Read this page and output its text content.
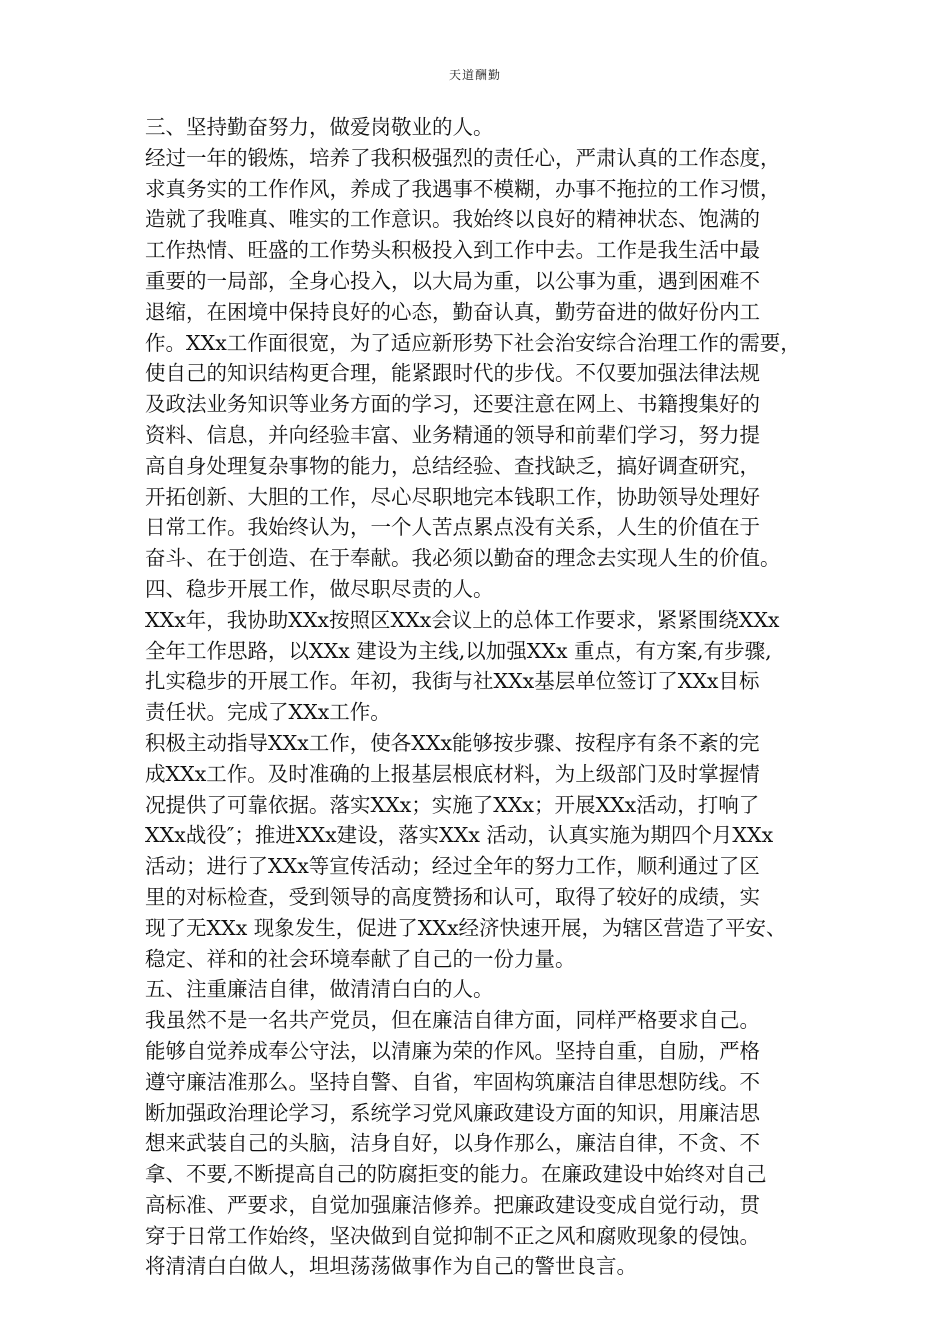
天道酬勤
三、坚持勤奋努力，做爱岗敬业的人。
经过一年的锻炼，培养了我积极强烈的责任心，严肃认真的工作态度，
求真务实的工作作风，养成了我遇事不模糊，办事不拖拉的工作习惯，
造就了我唯真、唯实的工作意识。我始终以良好的精神状态、饱满的
工作热情、旺盛的工作势头积极投入到工作中去。工作是我生活中最
重要的一局部，全身心投入，以大局为重，以公事为重，遇到困难不
退缩，在困境中保持良好的心态，勤奋认真，勤劳奋进的做好份内工
作。XXx工作面很宽，为了适应新形势下社会治安综合治理工作的需要，
使自己的知识结构更合理，能紧跟时代的步伐。不仅要加强法律法规
及政法业务知识等业务方面的学习，还要注意在网上、书籍搜集好的
资料、信息，并向经验丰富、业务精通的领导和前辈们学习，努力提
高自身处理复杂事物的能力，总结经验、查找缺乏，搞好调查研究，
开拓创新、大胆的工作，尽心尽职地完本钱职工作，协助领导处理好
日常工作。我始终认为，一个人苦点累点没有关系，人生的价值在于
奋斗、在于创造、在于奉献。我必须以勤奋的理念去实现人生的价值。
四、稳步开展工作，做尽职尽责的人。
XXx年，我协助XXx按照区XXx会议上的总体工作要求，紧紧围绕XXx
全年工作思路，以XXx 建设为主线,以加强XXx 重点，有方案,有步骤,
扎实稳步的开展工作。年初，我街与社XXx基层单位签订了XXx目标
责任状。完成了XXx工作。
积极主动指导XXx工作，使各XXx能够按步骤、按程序有条不紊的完
成XXx工作。及时准确的上报基层根底材料，为上级部门及时掌握情
况提供了可靠依据。落实XXx；实施了XXx；开展XXx活动，打响了
XXx战役″；推进XXx建设，落实XXx 活动，认真实施为期四个月XXx
活动；进行了XXx等宣传活动；经过全年的努力工作，顺利通过了区
里的对标检查，受到领导的高度赞扬和认可，取得了较好的成绩，实
现了无XXx 现象发生，促进了XXx经济快速开展，为辖区营造了平安、
稳定、祥和的社会环境奉献了自己的一份力量。
五、注重廉洁自律，做清清白白的人。
我虽然不是一名共产党员，但在廉洁自律方面，同样严格要求自己。
能够自觉养成奉公守法，以清廉为荣的作风。坚持自重，自励，严格
遵守廉洁准那么。坚持自警、自省，牢固构筑廉洁自律思想防线。不
断加强政治理论学习，系统学习党风廉政建设方面的知识，用廉洁思
想来武装自己的头脑，洁身自好，以身作那么，廉洁自律，不贪、不
拿、不要,不断提高自己的防腐拒变的能力。在廉政建设中始终对自己
高标准、严要求，自觉加强廉洁修养。把廉政建设变成自觉行动，贯
穿于日常工作始终，坚决做到自觉抑制不正之风和腐败现象的侵蚀。
将清清白白做人，坦坦荡荡做事作为自己的警世良言。
